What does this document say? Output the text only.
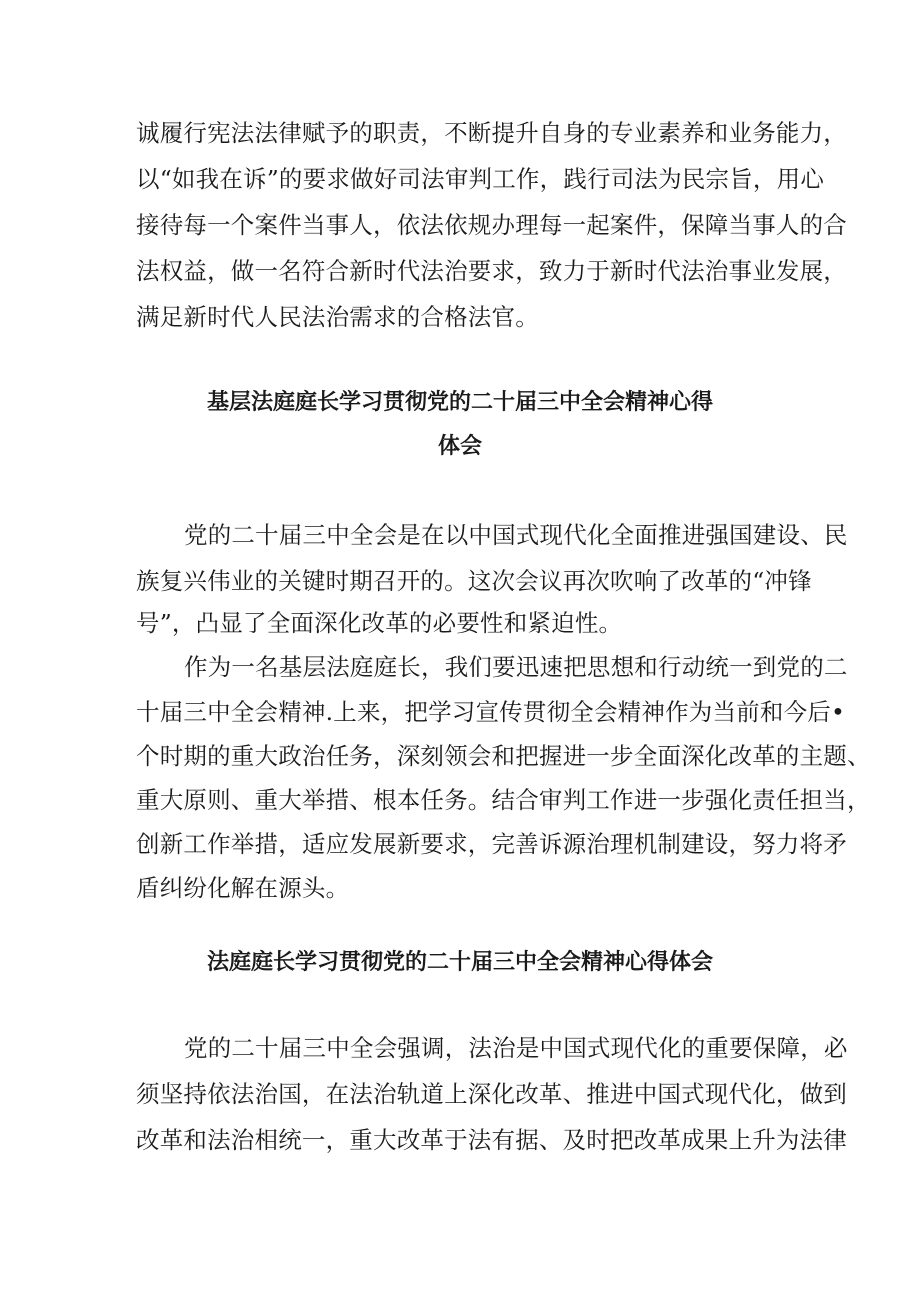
诚履行宪法法律赋予的职责，不断提升自身的专业素养和业务能力，
以“如我在诉”的要求做好司法审判工作，践行司法为民宗旨，用心
接待每一个案件当事人，依法依规办理每一起案件，保障当事人的合
法权益，做一名符合新时代法治要求，致力于新时代法治事业发展，
满足新时代人民法治需求的合格法官。
基层法庭庭长学习贯彻党的二十届三中全会精神心得
体会
党的二十届三中全会是在以中国式现代化全面推进强国建设、民
族复兴伟业的关键时期召开的。这次会议再次吹响了改革的“冲锋
号”，凸显了全面深化改革的必要性和紧迫性。
作为一名基层法庭庭长，我们要迅速把思想和行动统一到党的二
十届三中全会精神.上来，把学习宣传贯彻全会精神作为当前和今后•
个时期的重大政治任务，深刻领会和把握进一步全面深化改革的主题、
重大原则、重大举措、根本任务。结合审判工作进一步强化责任担当，
创新工作举措，适应发展新要求，完善诉源治理机制建设，努力将矛
盾纠纷化解在源头。
法庭庭长学习贯彻党的二十届三中全会精神心得体会
党的二十届三中全会强调，法治是中国式现代化的重要保障，必
须坚持依法治国，在法治轨道上深化改革、推进中国式现代化，做到
改革和法治相统一，重大改革于法有据、及时把改革成果上升为法律
